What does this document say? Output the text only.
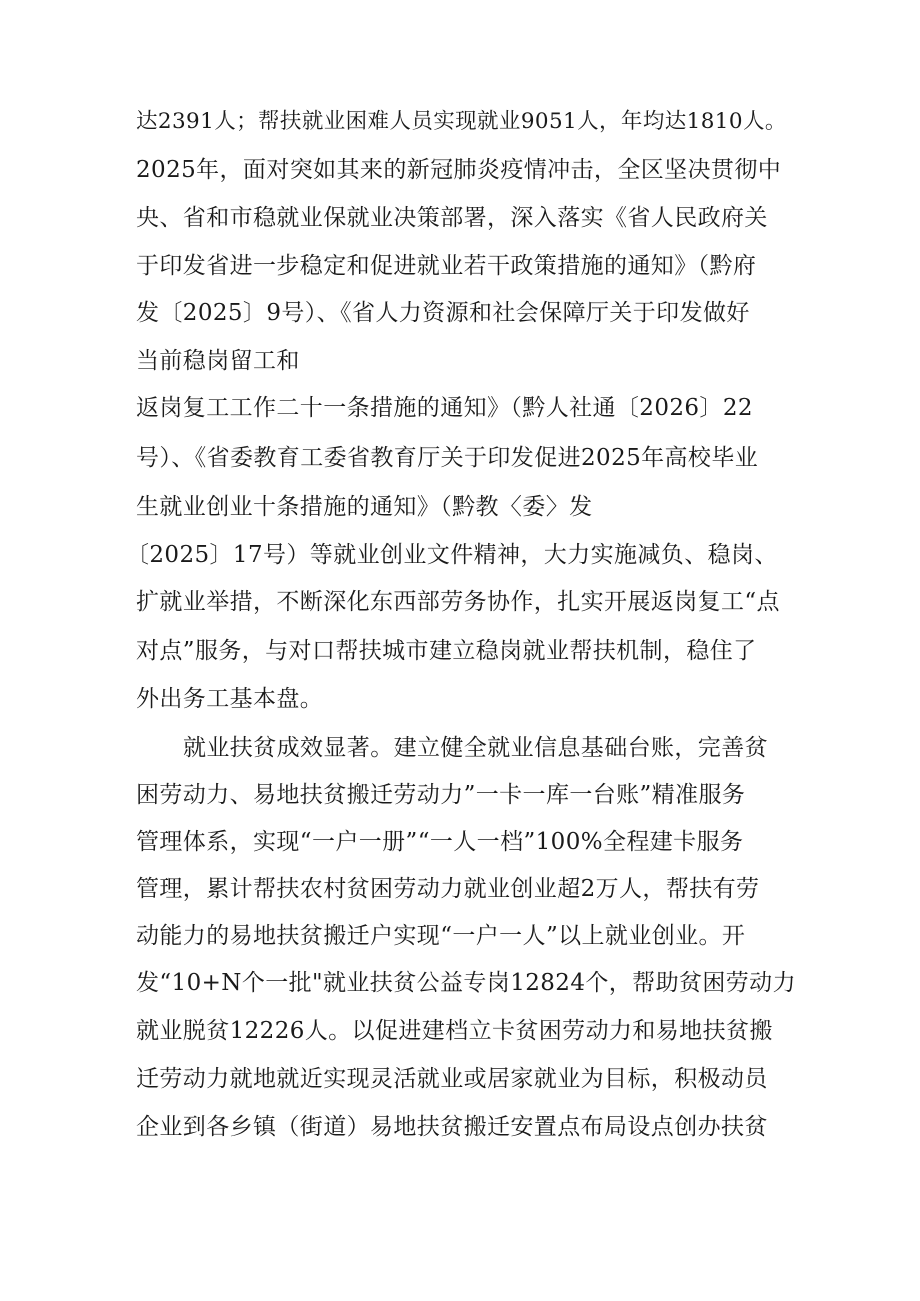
达2391人；帮扶就业困难人员实现就业9051人，年均达1810人。
2025年，面对突如其来的新冠肺炎疫情冲击，全区坚决贯彻中
央、省和市稳就业保就业决策部署，深入落实《省人民政府关
于印发省进一步稳定和促进就业若干政策措施的通知》（黔府
发〔2025〕9号）、《省人力资源和社会保障厅关于印发做好
当前稳岗留工和
返岗复工工作二十一条措施的通知》（黔人社通〔2026〕22
号）、《省委教育工委省教育厅关于印发促进2025年高校毕业
生就业创业十条措施的通知》（黔教〈委〉发
〔2025〕17号）等就业创业文件精神，大力实施减负、稳岗、
扩就业举措，不断深化东西部劳务协作，扎实开展返岗复工“点
对点”服务，与对口帮扶城市建立稳岗就业帮扶机制，稳住了
外出务工基本盘。
就业扶贫成效显著。建立健全就业信息基础台账，完善贫
困劳动力、易地扶贫搬迁劳动力”一卡一库一台账”精准服务
管理体系，实现“一户一册”“一人一档”100%全程建卡服务
管理，累计帮扶农村贫困劳动力就业创业超2万人，帮扶有劳
动能力的易地扶贫搬迁户实现“一户一人”以上就业创业。开
发“10+N个一批"就业扶贫公益专岗12824个，帮助贫困劳动力
就业脱贫12226人。以促进建档立卡贫困劳动力和易地扶贫搬
迁劳动力就地就近实现灵活就业或居家就业为目标，积极动员
企业到各乡镇（街道）易地扶贫搬迁安置点布局设点创办扶贫
